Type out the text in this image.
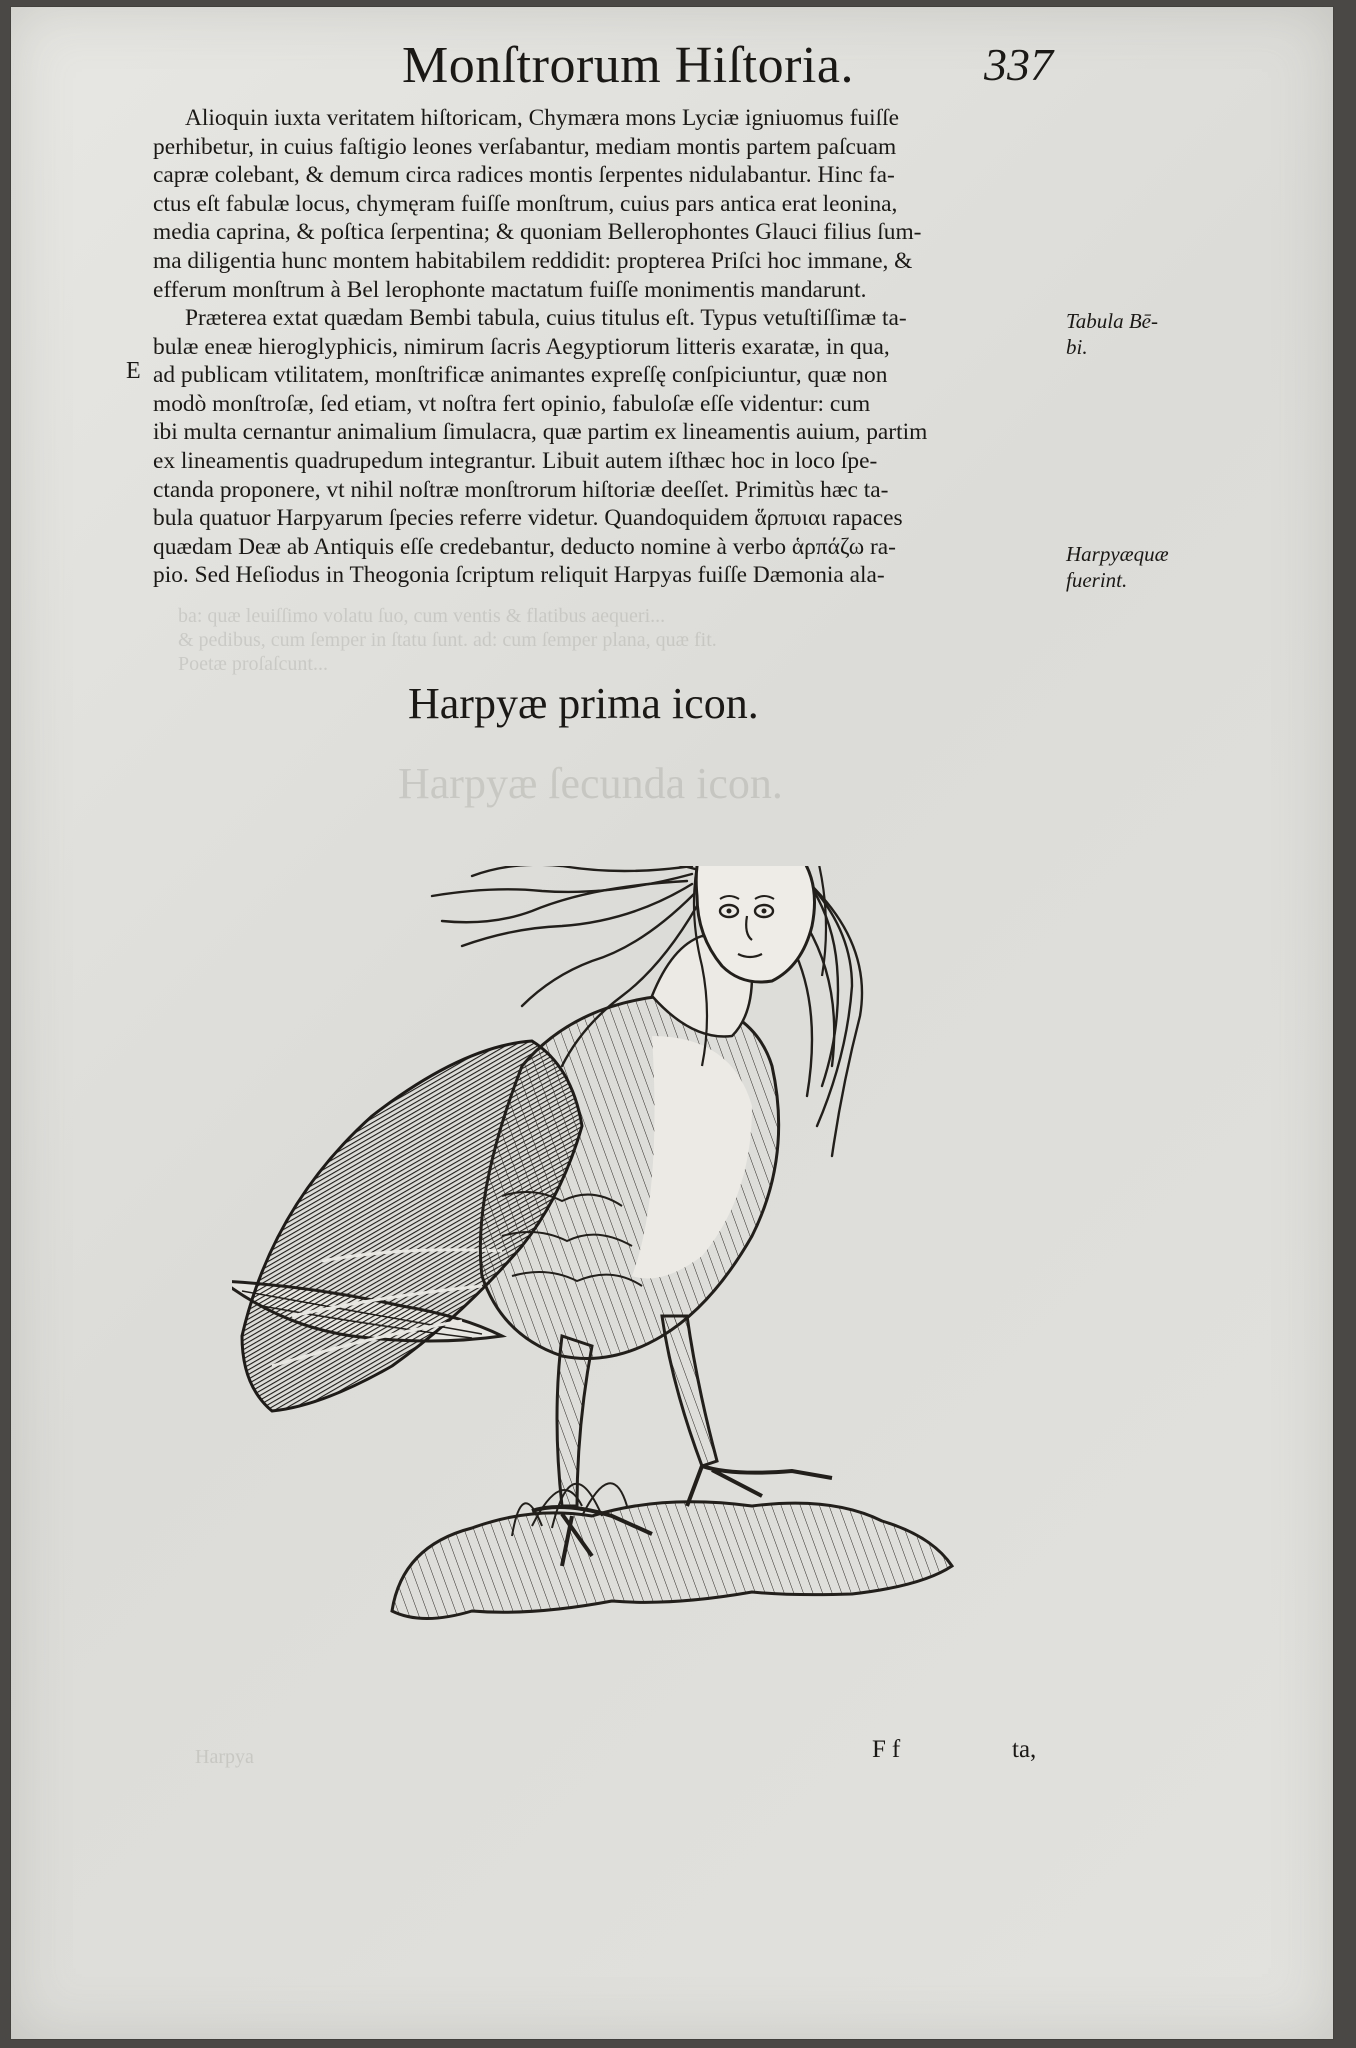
Monſtrorum Hiſtoria.	337
ba: quæ leuiſſimo volatu ſuo, cum ventis & flatibus aequeri...
& pedibus, cum ſemper in ſtatu ſunt. ad: cum ſemper plana, quæ fit.
Poetæ proſaſcunt...
Harpyæ ſecunda icon.
Harpya
Alioquin iuxta veritatem hiſtoricam, Chymæra mons Lyciæ igniuomus fuiſſe
perhibetur, in cuius faſtigio leones verſabantur, mediam montis partem paſcuam
capræ colebant, & demum circa radices montis ſerpentes nidulabantur. Hinc fa-
ctus eſt fabulæ locus, chymęram fuiſſe monſtrum, cuius pars antica erat leonina,
media caprina, & poſtica ſerpentina; & quoniam Bellerophontes Glauci filius ſum-
ma diligentia hunc montem habitabilem reddidit: propterea Priſci hoc immane, &
efferum monſtrum à Bel lerophonte mactatum fuiſſe monimentis mandarunt.
Præterea extat quædam Bembi tabula, cuius titulus eſt. Typus vetuſtiſſimæ ta-
bulæ eneæ hieroglyphicis, nimirum ſacris Aegyptiorum litteris exaratæ, in qua,
ad publicam vtilitatem, monſtrificæ animantes expreſſę conſpiciuntur, quæ non
modò monſtroſæ, ſed etiam, vt noſtra fert opinio, fabuloſæ eſſe videntur: cum
ibi multa cernantur animalium ſimulacra, quæ partim ex lineamentis auium, partim
ex lineamentis quadrupedum integrantur. Libuit autem iſthæc hoc in loco ſpe-
ctanda proponere, vt nihil noſtræ monſtrorum hiſtoriæ deeſſet. Primitùs hæc ta-
bula quatuor Harpyarum ſpecies referre videtur. Quandoquidem ἅρπυιαι rapaces
quædam Deæ ab Antiquis eſſe credebantur, deducto nomine à verbo ἁρπάζω ra-
pio. Sed Heſiodus in Theogonia ſcriptum reliquit Harpyas fuiſſe Dæmonia ala-
E
Tabula Bē-
bi.
Harpyæquæ
fuerint.
Harpyæ prima icon.
Ff	ta,
